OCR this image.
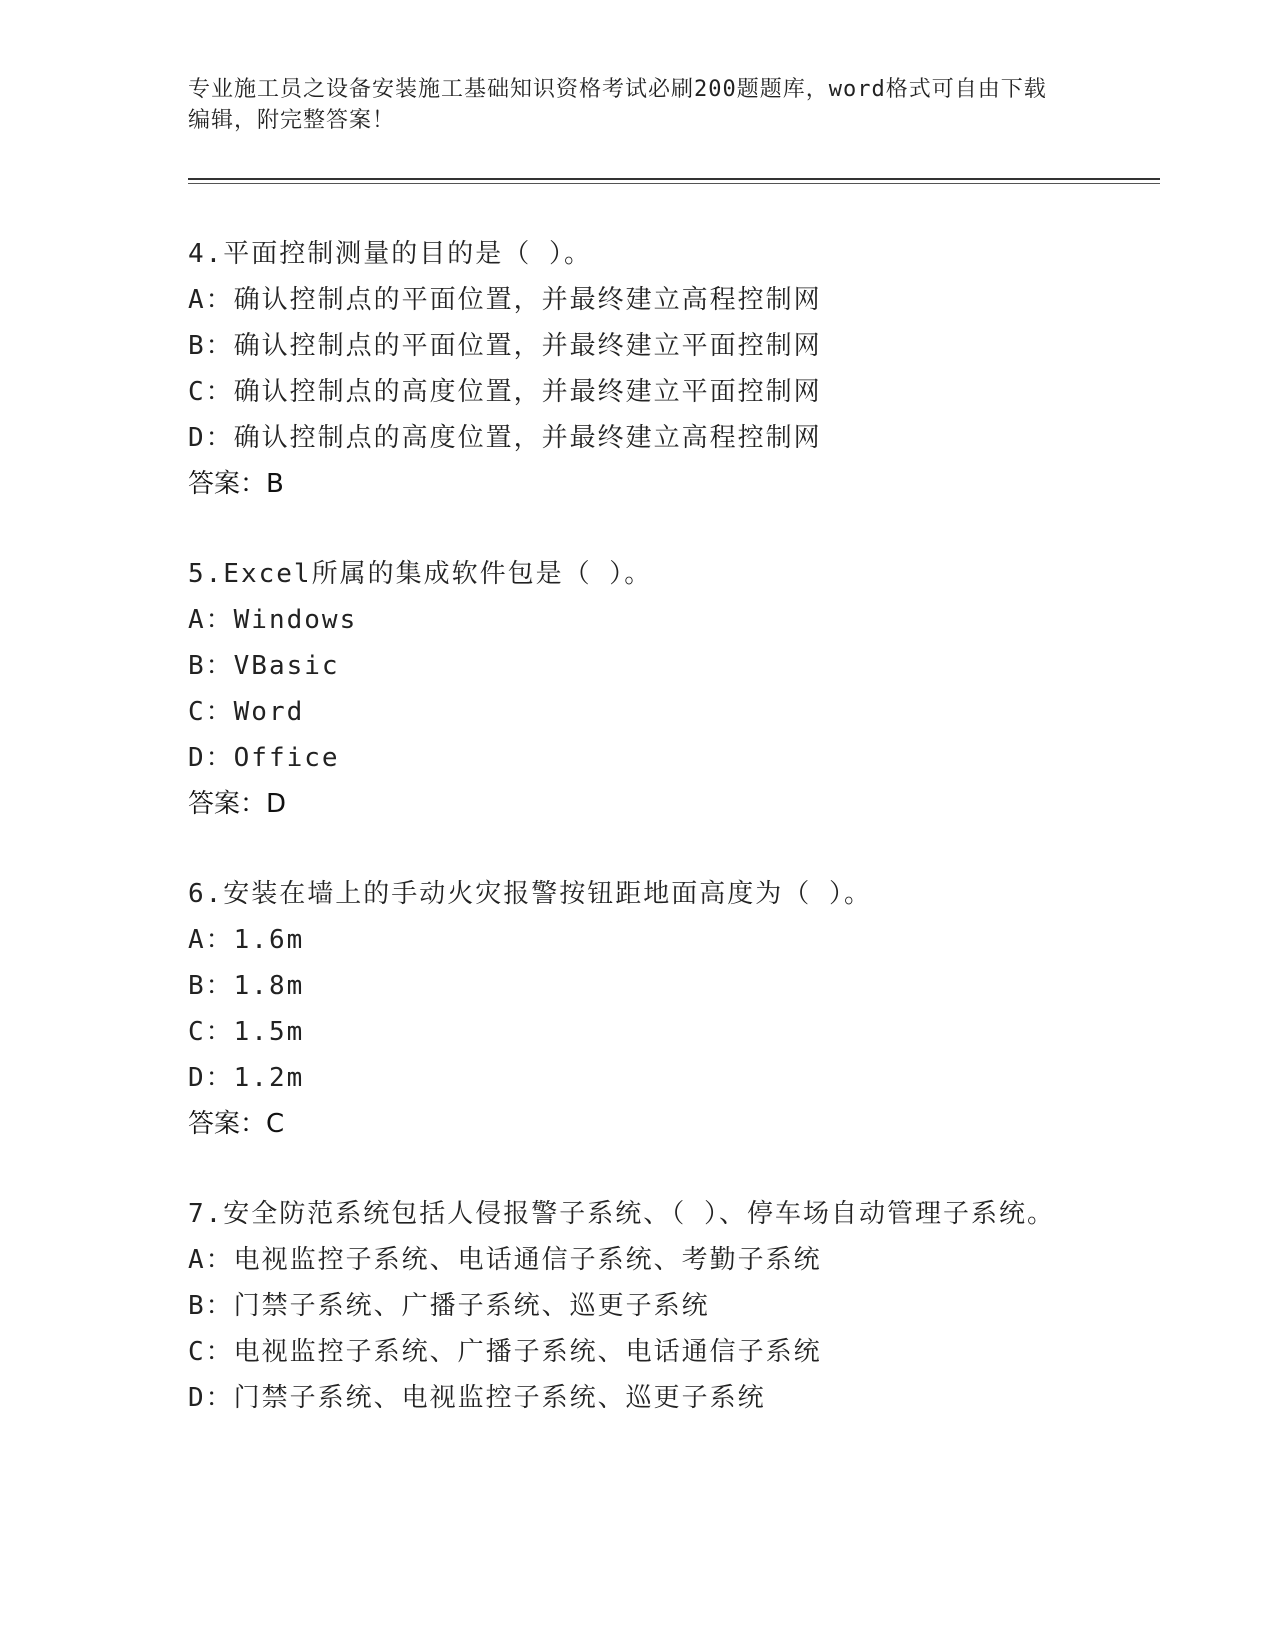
专业施工员之设备安装施工基础知识资格考试必刷200题题库，word格式可自由下载编辑，附完整答案！
4.平面控制测量的目的是（ ）。
A：确认控制点的平面位置，并最终建立高程控制网
B：确认控制点的平面位置，并最终建立平面控制网
C：确认控制点的高度位置，并最终建立平面控制网
D：确认控制点的高度位置，并最终建立高程控制网
答案：B
5.Excel所属的集成软件包是（ ）。
A：Windows
B：VBasic
C：Word
D：Office
答案：D
6.安装在墙上的手动火灾报警按钮距地面高度为（ ）。
A：1.6m
B：1.8m
C：1.5m
D：1.2m
答案：C
7.安全防范系统包括人侵报警子系统、（ ）、停车场自动管理子系统。
A：电视监控子系统、电话通信子系统、考勤子系统
B：门禁子系统、广播子系统、巡更子系统
C：电视监控子系统、广播子系统、电话通信子系统
D：门禁子系统、电视监控子系统、巡更子系统
